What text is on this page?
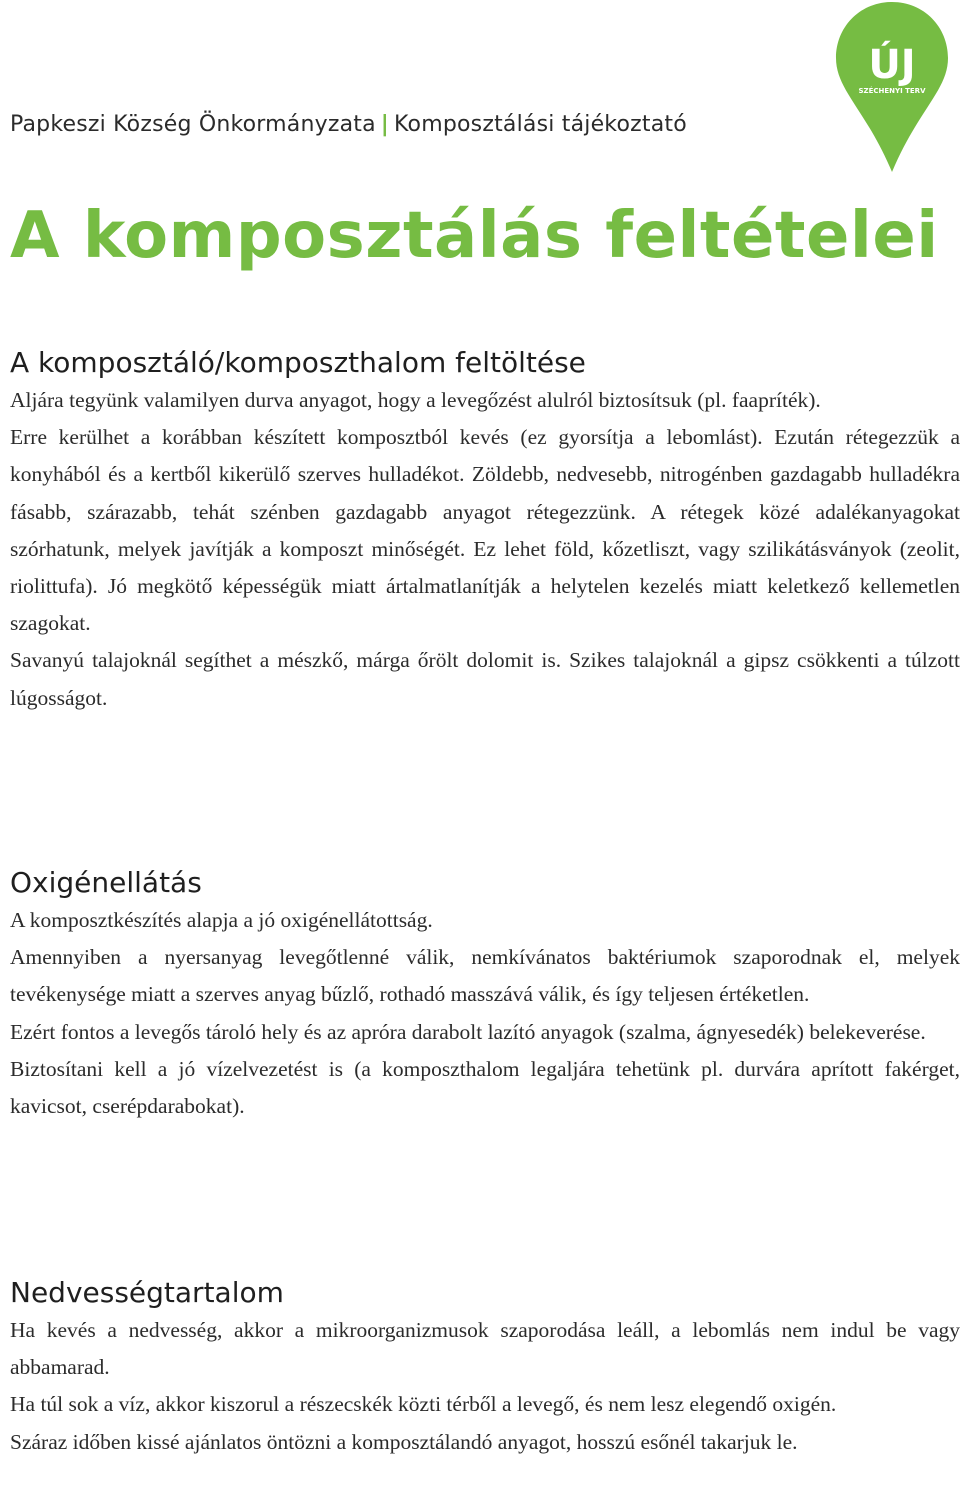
ÚJ
SZÉCHENYI TERV
Papkeszi Község Önkormányzata | Komposztálási tájékoztató
A komposztálás feltételei
A komposztáló/komposzthalom feltöltése

Aljára tegyünk valamilyen durva anyagot, hogy a levegőzést alulról biztosítsuk (pl. faapríték).

Erre kerülhet a korábban készített komposztból kevés (ez gyorsítja a lebomlást). Ezután rétegezzük a konyhából és a kertből kikerülő szerves hulladékot. Zöldebb, nedvesebb, nitrogénben gazdagabb hulladékra fásabb, szárazabb, tehát szénben gazdagabb anyagot rétegezzünk. A rétegek közé adalékanyagokat szórhatunk, melyek javítják a komposzt minőségét. Ez lehet föld, kőzetliszt, vagy szilikátásványok (zeolit, riolittufa). Jó megkötő képességük miatt ártalmatlanítják a helytelen kezelés miatt keletkező kellemetlen szagokat.

Savanyú talajoknál segíthet a mészkő, márga őrölt dolomit is. Szikes talajoknál a gipsz csökkenti a túlzott lúgosságot.

Oxigénellátás

A komposztkészítés alapja a jó oxigénellátottság.

Amennyiben a nyersanyag levegőtlenné válik, nemkívánatos baktériumok szaporodnak el, melyek tevékenysége miatt a szerves anyag bűzlő, rothadó masszává válik, és így teljesen értéketlen.

Ezért fontos a levegős tároló hely és az apróra darabolt lazító anyagok (szalma, ágnyesedék) belekeverése.

Biztosítani kell a jó vízelvezetést is (a komposzthalom legaljára tehetünk pl. durvára aprított fakérget, kavicsot, cserépdarabokat).

Nedvességtartalom

Ha kevés a nedvesség, akkor a mikroorganizmusok szaporodása leáll, a lebomlás nem indul be vagy abbamarad.

Ha túl sok a víz, akkor kiszorul a részecskék közti térből a levegő, és nem lesz elegendő oxigén.

Száraz időben kissé ajánlatos öntözni a komposztálandó anyagot, hosszú esőnél takarjuk le.
